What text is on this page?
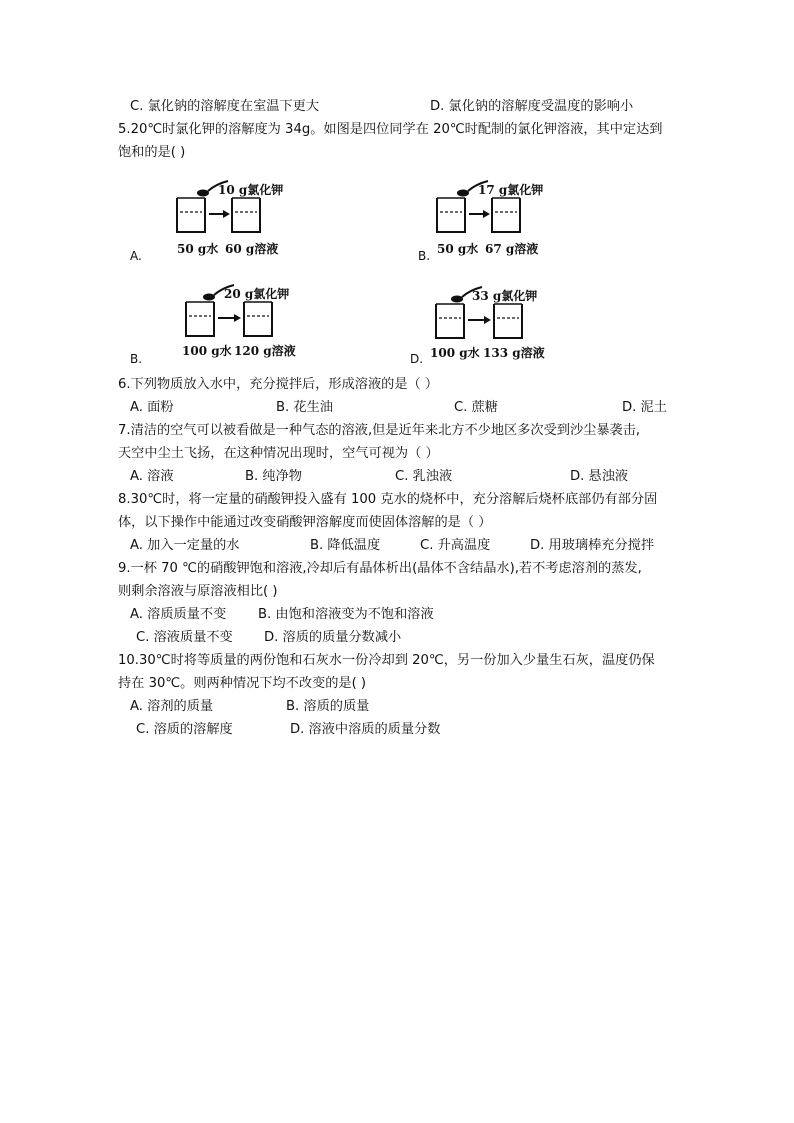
C. 氯化钠的溶解度在室温下更大	D. 氯化钠的溶解度受温度的影响小
5.20℃时氯化钾的溶解度为 34g。如图是四位同学在 20℃时配制的氯化钾溶液，其中定达到
饱和的是( )
A.
10 g氯化钾
50 g水 60 g溶液	B.
17 g氯化钾
50 g水 67 g溶液
B.
20 g氯化钾
100 g水 120 g溶液
D.
33 g氯化钾
100 g水 133 g溶液
6.下列物质放入水中，充分搅拌后，形成溶液的是（ ）
A. 面粉	B. 花生油	C. 蔗糖	D. 泥土
7.清洁的空气可以被看做是一种气态的溶液,但是近年来北方不少地区多次受到沙尘暴袭击,
天空中尘土飞扬，在这种情况出现时，空气可视为（ ）
A. 溶液	B. 纯净物	C. 乳浊液	D. 悬浊液
8.30℃时，将一定量的硝酸钾投入盛有 100 克水的烧杯中，充分溶解后烧杯底部仍有部分固
体，以下操作中能通过改变硝酸钾溶解度而使固体溶解的是（ ）
A. 加入一定量的水	B. 降低温度	C. 升高温度	D. 用玻璃棒充分搅拌
9.一杯 70 ℃的硝酸钾饱和溶液,冷却后有晶体析出(晶体不含结晶水),若不考虑溶剂的蒸发,
则剩余溶液与原溶液相比( )
A. 溶质质量不变 B. 由饱和溶液变为不饱和溶液
C. 溶液质量不变 D. 溶质的质量分数减小
10.30℃时将等质量的两份饱和石灰水一份冷却到 20℃，另一份加入少量生石灰，温度仍保
持在 30℃。则两种情况下均不改变的是( )
A. 溶剂的质量	B. 溶质的质量
C. 溶质的溶解度	D. 溶液中溶质的质量分数
